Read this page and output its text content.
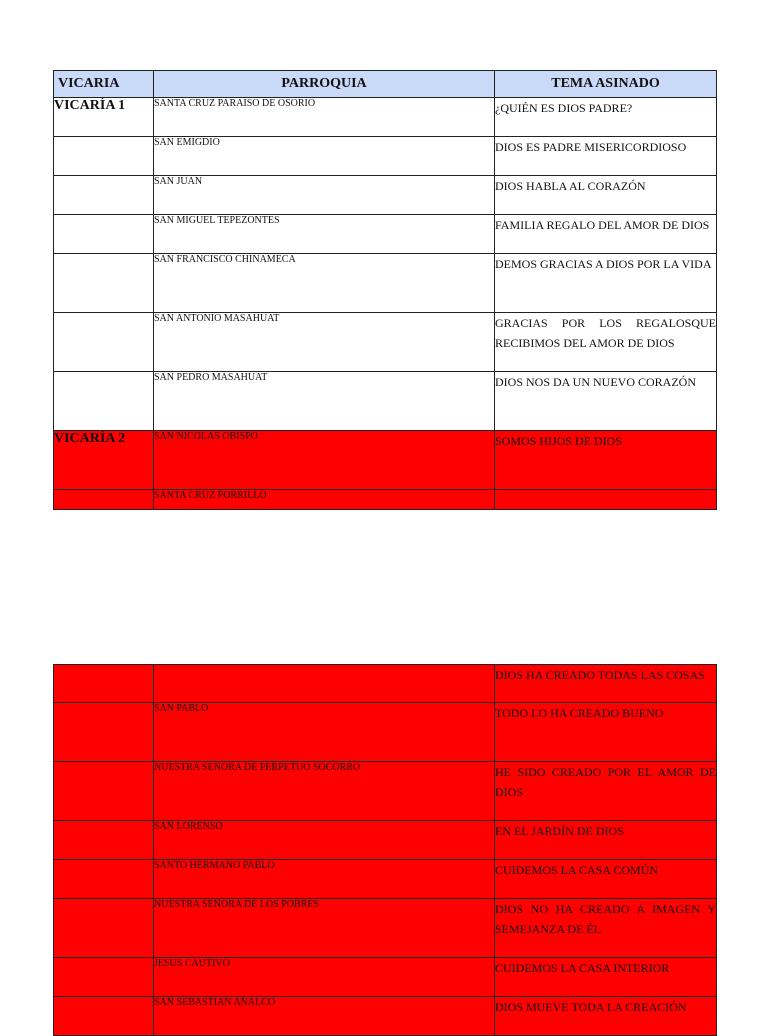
VICARIA	PARROQUIA	TEMA ASINADO
VICARÍA 1	SANTA CRUZ PARAISO DE OSORIO	¿QUIÉN ES DIOS PADRE?
	SAN EMIGDIO	DIOS ES PADRE MISERICORDIOSO
	SAN JUAN	DIOS HABLA AL CORAZÓN
	SAN MIGUEL TEPEZONTES	FAMILIA REGALO DEL AMOR DE DIOS
	SAN FRANCISCO CHINAMECA	DEMOS GRACIAS A DIOS POR LA VIDA
	SAN ANTONIO MASAHUAT	GRACIAS POR LOS REGALOSQUE RECIBIMOS DEL AMOR DE DIOS
	SAN PEDRO MASAHUAT	DIOS NOS DA UN NUEVO CORAZÓN
VICARÍA 2	SAN NICOLAS OBISPO	SOMOS HIJOS DE DIOS
	SANTA CRUZ PORRILLO	
		DIOS HA CREADO TODAS LAS COSAS
	SAN PABLO	TODO LO HA CREADO BUENO
	NUESTRA SEÑORA DE PERPETUO SOCORRO	HE SIDO CREADO POR EL AMOR DE DIOS
	SAN LORENSO	EN EL JARDÍN DE DIOS
	SANTO HERMANO PABLO	CUIDEMOS LA CASA COMÚN
	NUESTRA SEÑORA DE LOS POBRES	DIOS NO HA CREADO A IMAGEN Y SEMEJANZA DE ÉL
	JESÚS CAUTIVO	CUIDEMOS LA CASA INTERIOR
	SAN SEBASTIAN ANALCO	DIOS MUEVE TODA LA CREACIÓN
